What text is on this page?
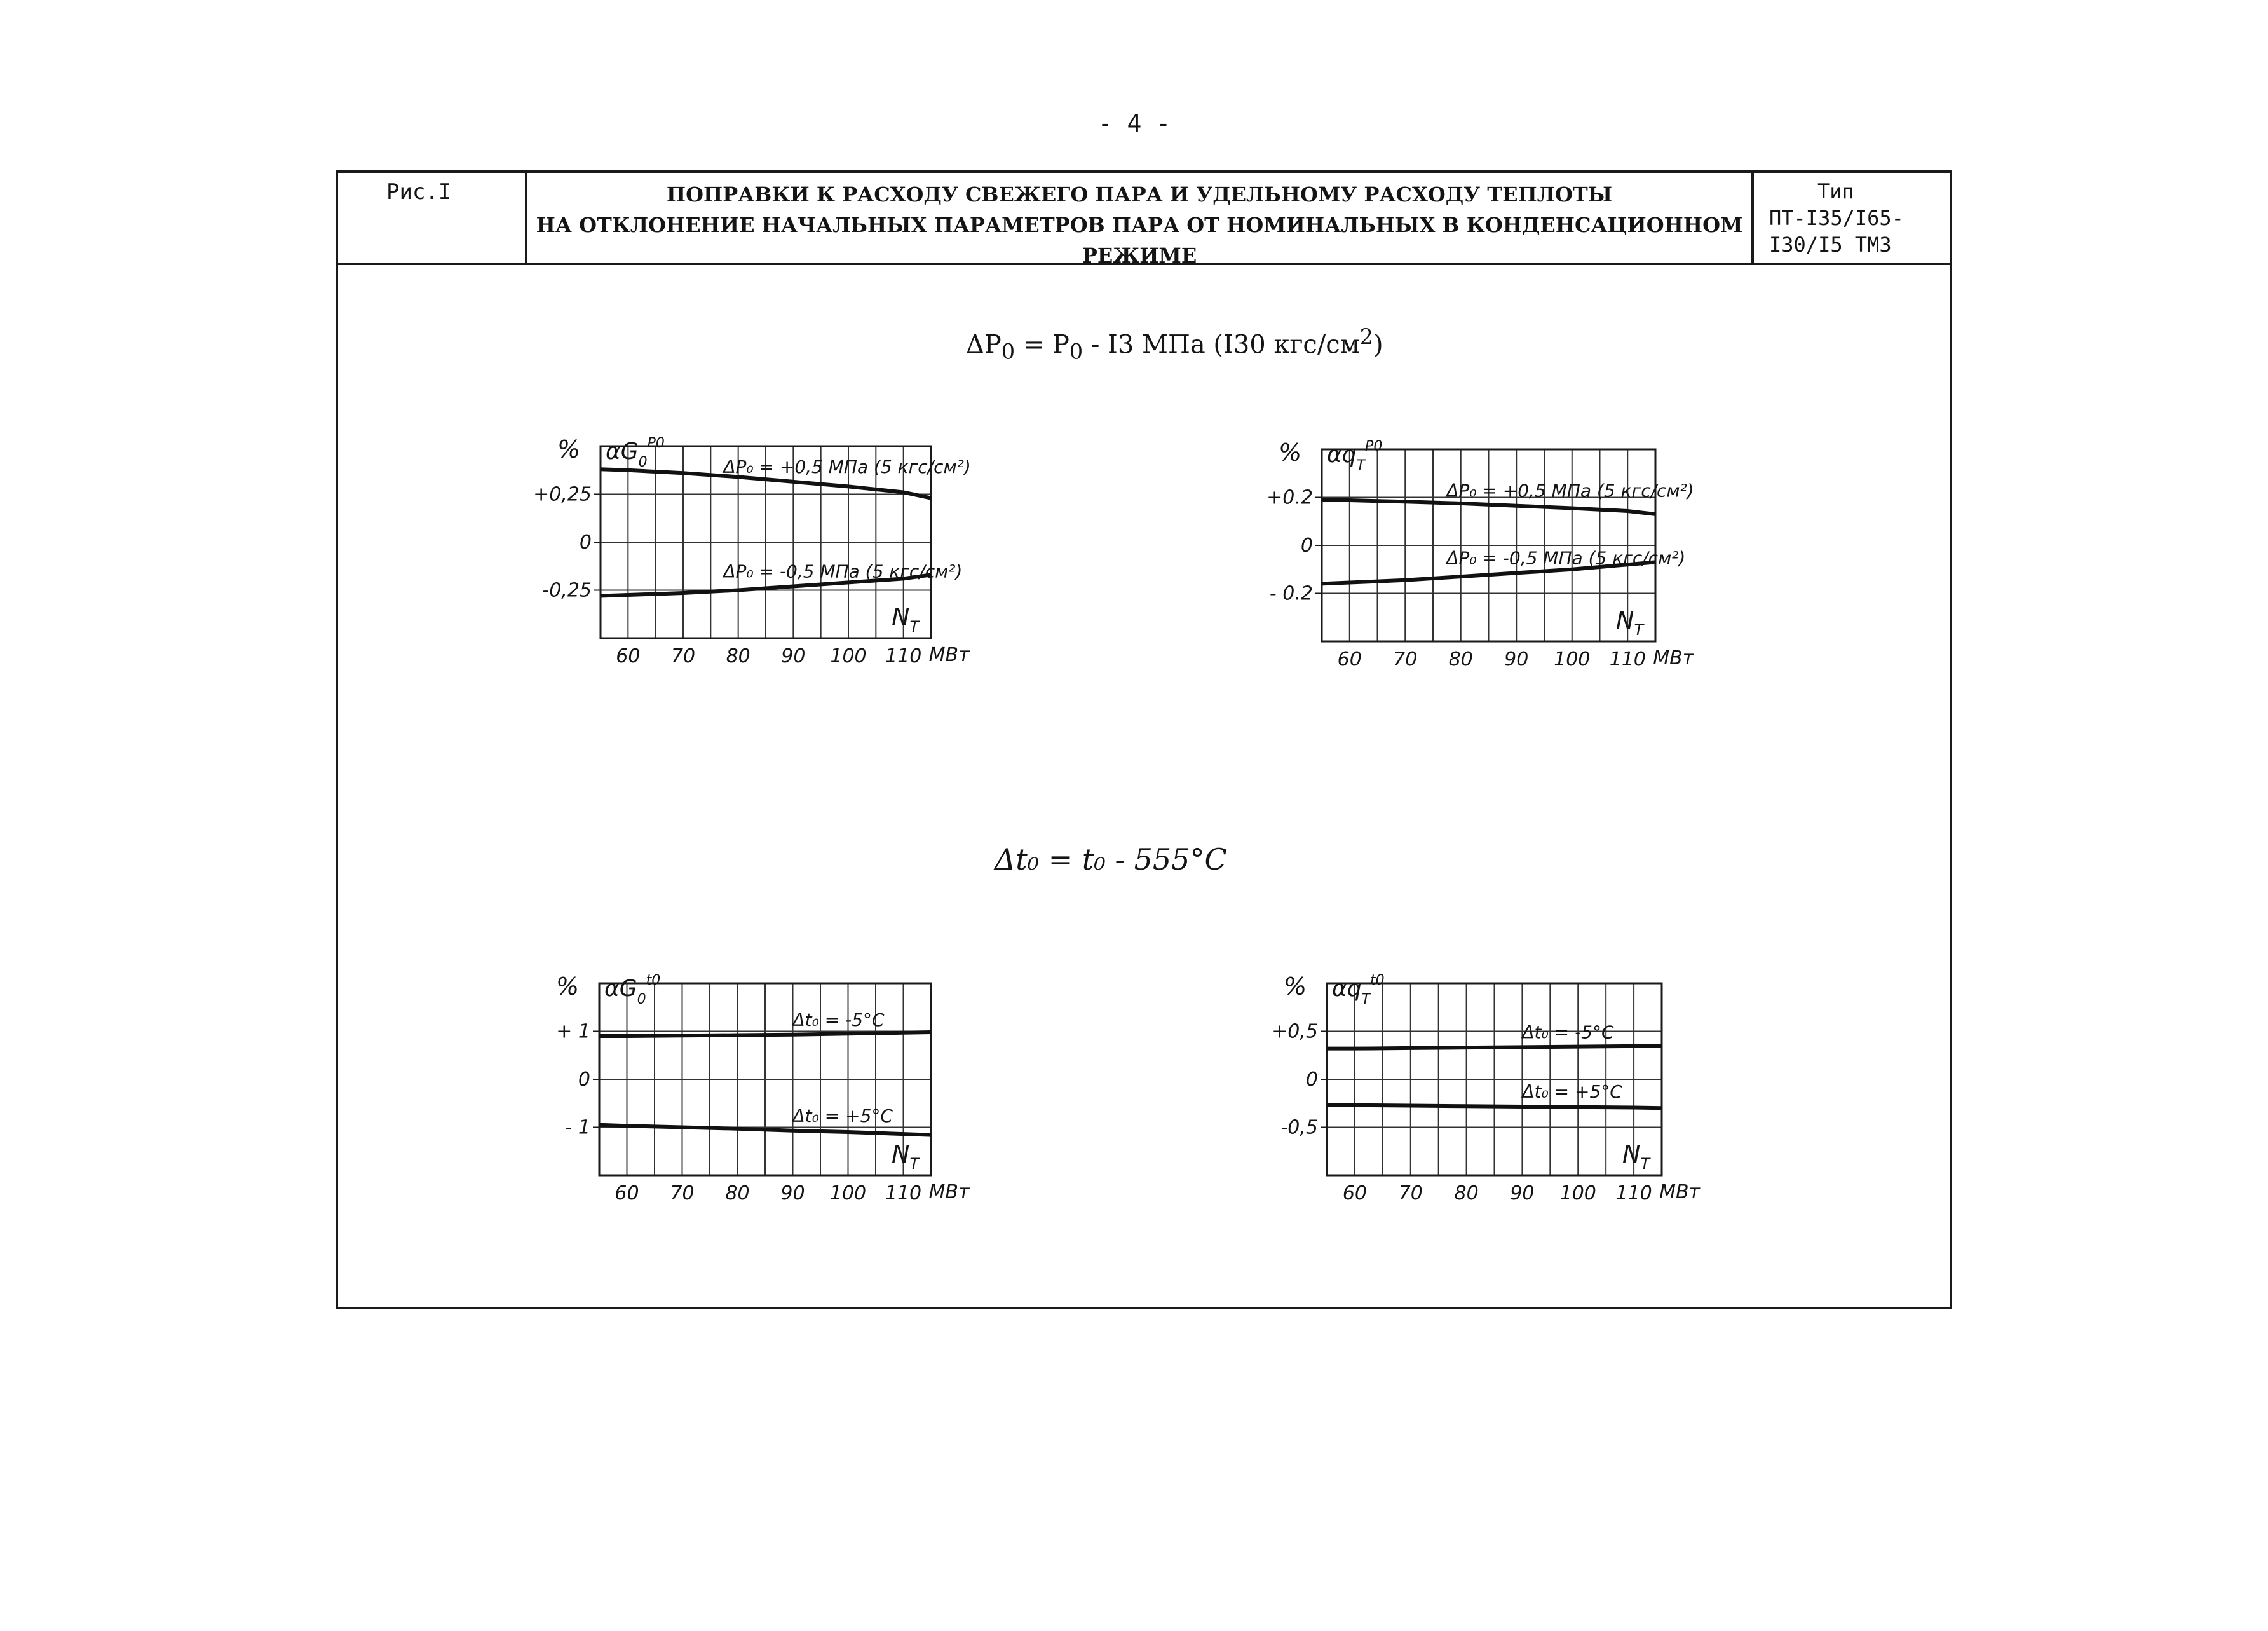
- 4 -
Рис.I	ПОПРАВКИ К РАСХОДУ СВЕЖЕГО ПАРА И УДЕЛЬНОМУ РАСХОДУ ТЕПЛОТЫ
НА ОТКЛОНЕНИЕ НАЧАЛЬНЫХ ПАРАМЕТРОВ ПАРА ОТ НОМИНАЛЬНЫХ В КОНДЕНСАЦИОННОМ РЕЖИМЕ
Тип
ПТ-I35/I65-
I30/I5 ТМЗ
$\Delta P_0 = P_0 - I3$ МПа (I30 кгс/$см^2$)
Δt₀ = t₀ - 555°C
+0,25
0
-0,25
60 70 80 90 100 110 МВт
$N_T$
% $\alpha G_0^{P0}$
ΔP₀ = +0,5 МПа (5 кгс/см²)
ΔP₀ = -0,5 МПа (5 кгс/см²)
+0.2
0
- 0.2
60 70 80 90 100 110 МВт
$N_T$
% $\alpha q_T^{P0}$
ΔP₀ = +0,5 МПа (5 кгс/см²)
ΔP₀ = -0,5 МПа (5 кгс/см²)
+ 1
0
- 1
60 70 80 90 100 110 МВт
$N_T$
% $\alpha G_0^{t0}$
Δt₀ = -5°C
Δt₀ = +5°C
+0,5
0
-0,5
60 70 80 90 100 110 МВт
$N_T$
% $\alpha q_T^{t0}$
Δt₀ = -5°C
Δt₀ = +5°C
